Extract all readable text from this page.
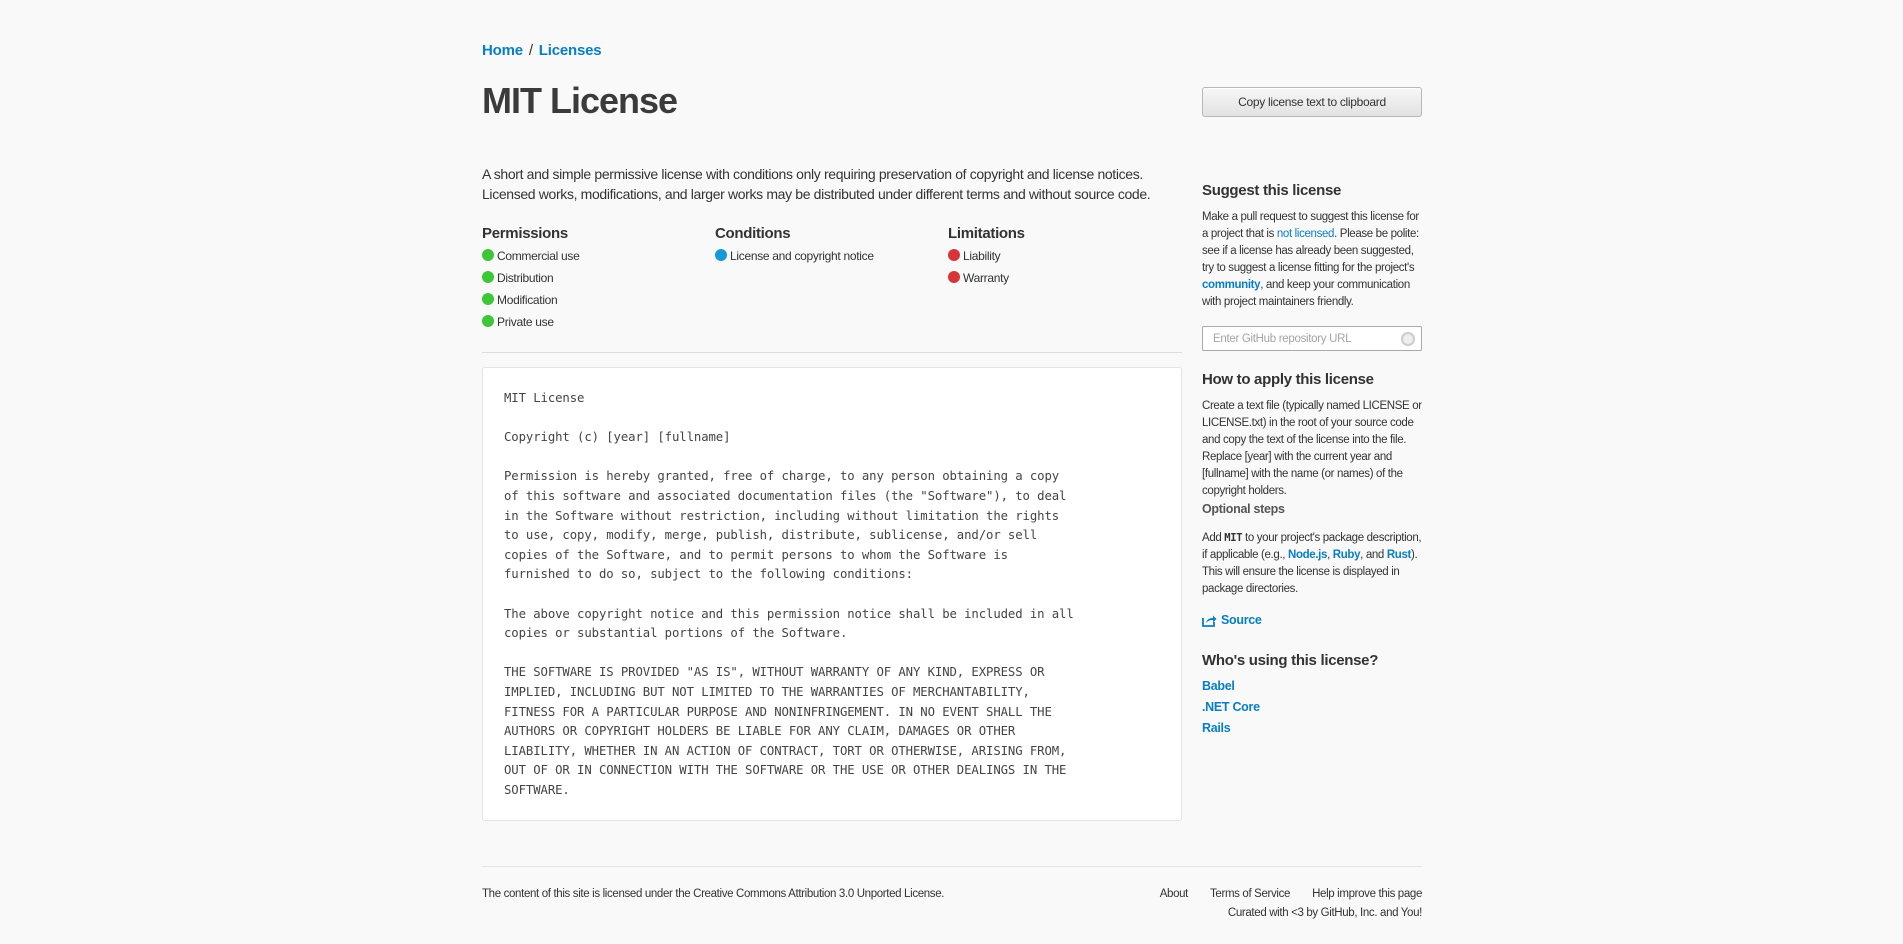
Home / Licenses
MIT License	Copy license text to clipboard

A short and simple permissive license with conditions only requiring preservation of copyright and license notices. Licensed works, modifications, and larger works may be distributed under different terms and without source code.

Permissions
Commercial use
Distribution
Modification
Private use
Conditions
License and copyright notice
Limitations
Liability
Warranty
MIT License

Copyright (c) [year] [fullname]

Permission is hereby granted, free of charge, to any person obtaining a copy
of this software and associated documentation files (the "Software"), to deal
in the Software without restriction, including without limitation the rights
to use, copy, modify, merge, publish, distribute, sublicense, and/or sell
copies of the Software, and to permit persons to whom the Software is
furnished to do so, subject to the following conditions:

The above copyright notice and this permission notice shall be included in all
copies or substantial portions of the Software.

THE SOFTWARE IS PROVIDED "AS IS", WITHOUT WARRANTY OF ANY KIND, EXPRESS OR
IMPLIED, INCLUDING BUT NOT LIMITED TO THE WARRANTIES OF MERCHANTABILITY,
FITNESS FOR A PARTICULAR PURPOSE AND NONINFRINGEMENT. IN NO EVENT SHALL THE
AUTHORS OR COPYRIGHT HOLDERS BE LIABLE FOR ANY CLAIM, DAMAGES OR OTHER
LIABILITY, WHETHER IN AN ACTION OF CONTRACT, TORT OR OTHERWISE, ARISING FROM,
OUT OF OR IN CONNECTION WITH THE SOFTWARE OR THE USE OR OTHER DEALINGS IN THE
SOFTWARE.
Suggest this license

Make a pull request to suggest this license for a project that is not licensed. Please be polite: see if a license has already been suggested, try to suggest a license fitting for the project's community, and keep your communication with project maintainers friendly.

Enter GitHub repository URL
How to apply this license

Create a text file (typically named LICENSE or LICENSE.txt) in the root of your source code and copy the text of the license into the file. Replace [year] with the current year and [fullname] with the name (or names) of the copyright holders.

Optional steps

Add MIT to your project's package description, if applicable (e.g., Node.js, Ruby, and Rust). This will ensure the license is displayed in package directories.

Source
Who's using this license?
Babel
.NET Core
Rails
The content of this site is licensed under the Creative Commons Attribution 3.0 Unported License.	About Terms of Service Help improve this page
Curated with <3 by GitHub, Inc. and You!
